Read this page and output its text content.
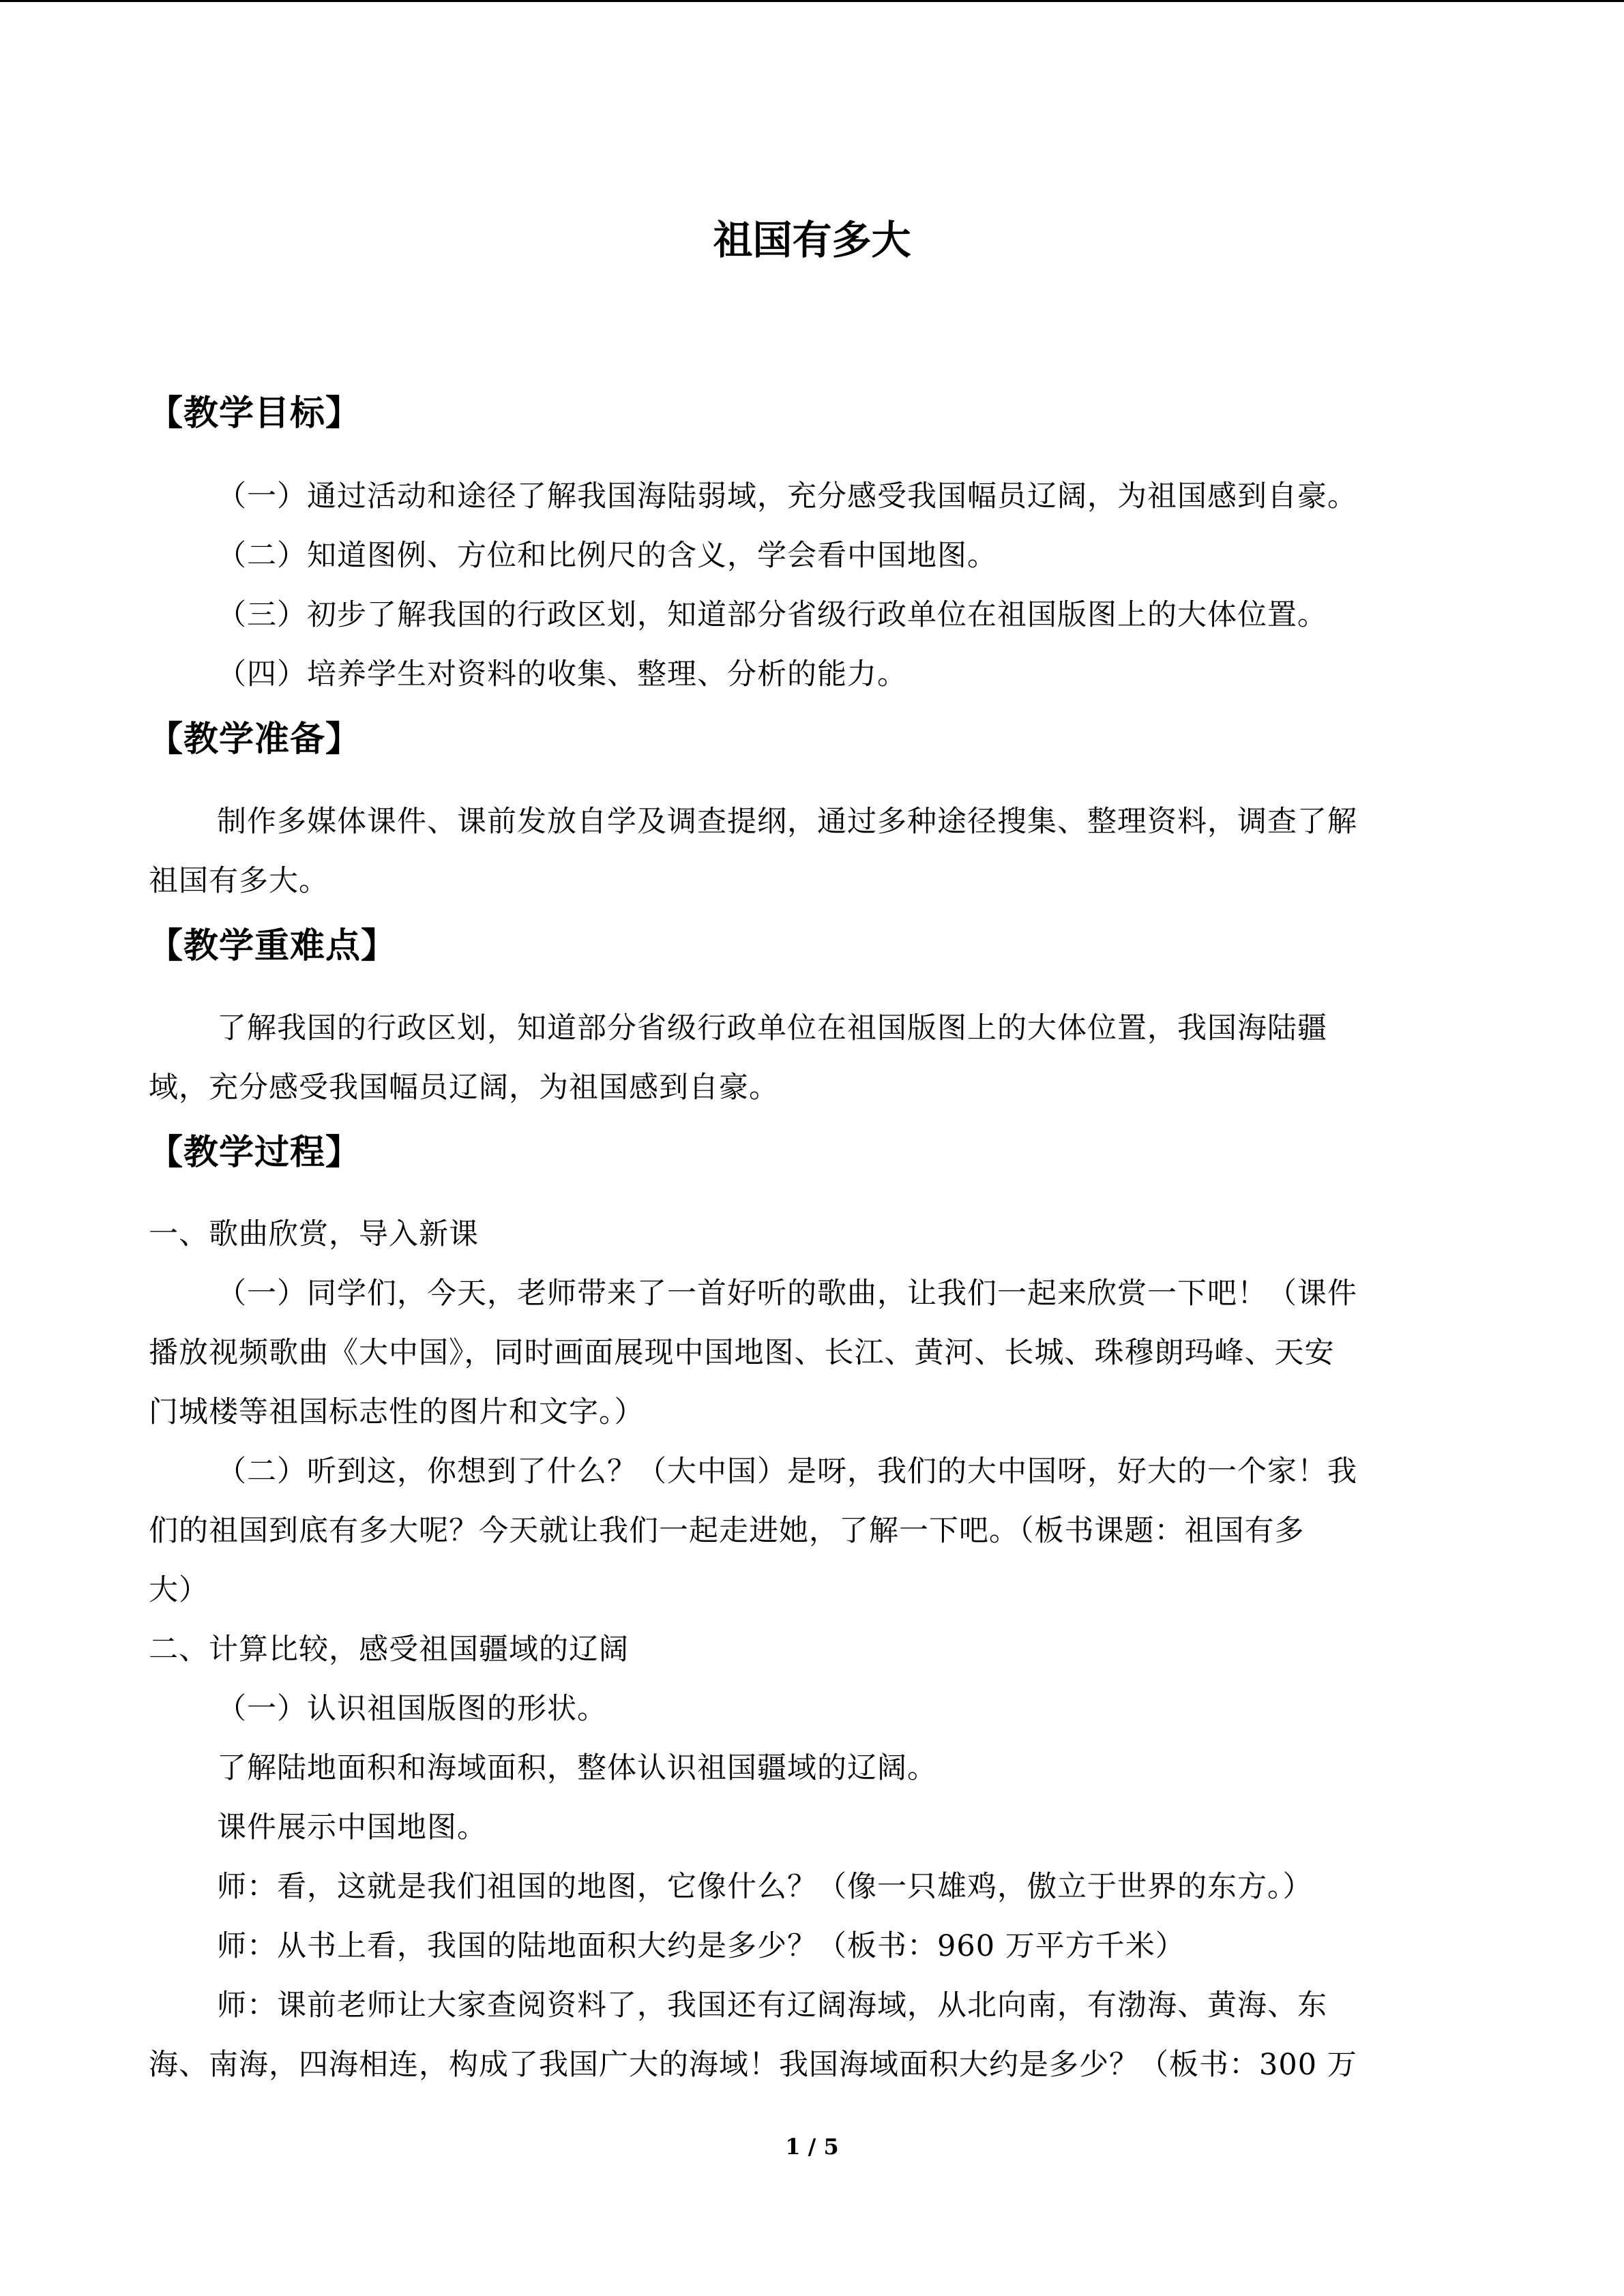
祖国有多大
【教学目标】
（一）通过活动和途径了解我国海陆弱域，充分感受我国幅员辽阔，为祖国感到自豪。
（二）知道图例、方位和比例尺的含义，学会看中国地图。
（三）初步了解我国的行政区划，知道部分省级行政单位在祖国版图上的大体位置。
（四）培养学生对资料的收集、整理、分析的能力。
【教学准备】
制作多媒体课件、课前发放自学及调查提纲，通过多种途径搜集、整理资料，调查了解
祖国有多大。
【教学重难点】
了解我国的行政区划，知道部分省级行政单位在祖国版图上的大体位置，我国海陆疆
域，充分感受我国幅员辽阔，为祖国感到自豪。
【教学过程】
一、歌曲欣赏，导入新课
（一）同学们，今天，老师带来了一首好听的歌曲，让我们一起来欣赏一下吧！（课件
播放视频歌曲《大中国》，同时画面展现中国地图、长江、黄河、长城、珠穆朗玛峰、天安
门城楼等祖国标志性的图片和文字。）
（二）听到这，你想到了什么？（大中国）是呀，我们的大中国呀，好大的一个家！我
们的祖国到底有多大呢？今天就让我们一起走进她，了解一下吧。（板书课题：祖国有多
大）
二、计算比较，感受祖国疆域的辽阔
（一）认识祖国版图的形状。
了解陆地面积和海域面积，整体认识祖国疆域的辽阔。
课件展示中国地图。
师：看，这就是我们祖国的地图，它像什么？（像一只雄鸡，傲立于世界的东方。）
师：从书上看，我国的陆地面积大约是多少？（板书：960 万平方千米）
师：课前老师让大家查阅资料了，我国还有辽阔海域，从北向南，有渤海、黄海、东
海、南海，四海相连，构成了我国广大的海域！我国海域面积大约是多少？（板书：300 万
1 / 5
